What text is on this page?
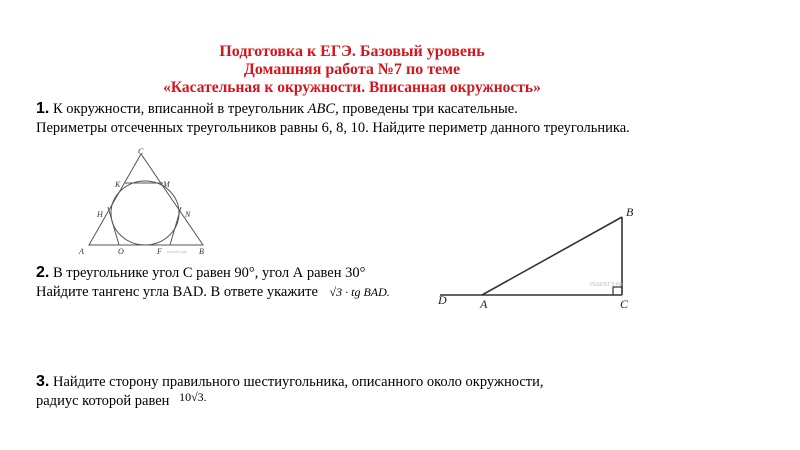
Подготовка к ЕГЭ. Базовый уровень
Домашняя работа №7 по теме
«Касательная к окружности. Вписанная окружность»
1. К окружности, вписанной в треугольник ABC, проведены три касательные.
Периметры отсеченных треугольников равны 6, 8, 10. Найдите периметр данного треугольника.
C
K	M
H	N
A	O	F	B
решуегэ.рф
2. В треугольнике угол С равен 90°, угол А равен 30°
Найдите тангенс угла BAD. В ответе укажите √3 · tg BAD.
B
D	A	C
РЕШУЕГЭ.РФ
3. Найдите сторону правильного шестиугольника, описанного около окружности,
радиус которой равен $^{10√3.}$
